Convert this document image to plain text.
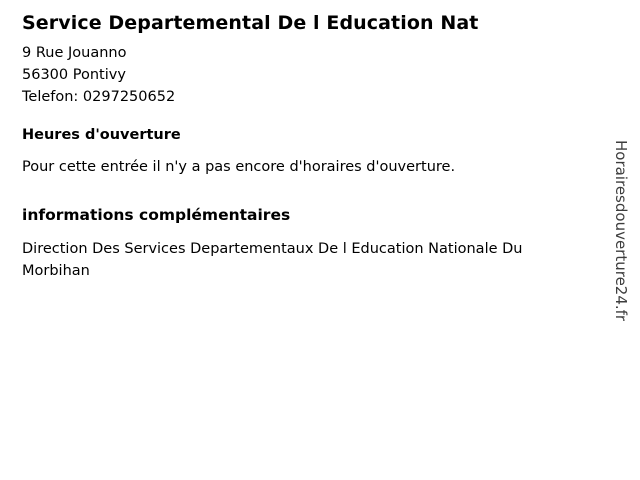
Service Departemental De l Education Nat
9 Rue Jouanno
56300 Pontivy
Telefon: 0297250652
Heures d'ouverture

Pour cette entrée il n'y a pas encore d'horaires d'ouverture.

informations complémentaires

Direction Des Services Departementaux De l Education Nationale Du Morbihan	Horairesdouverture24.fr
